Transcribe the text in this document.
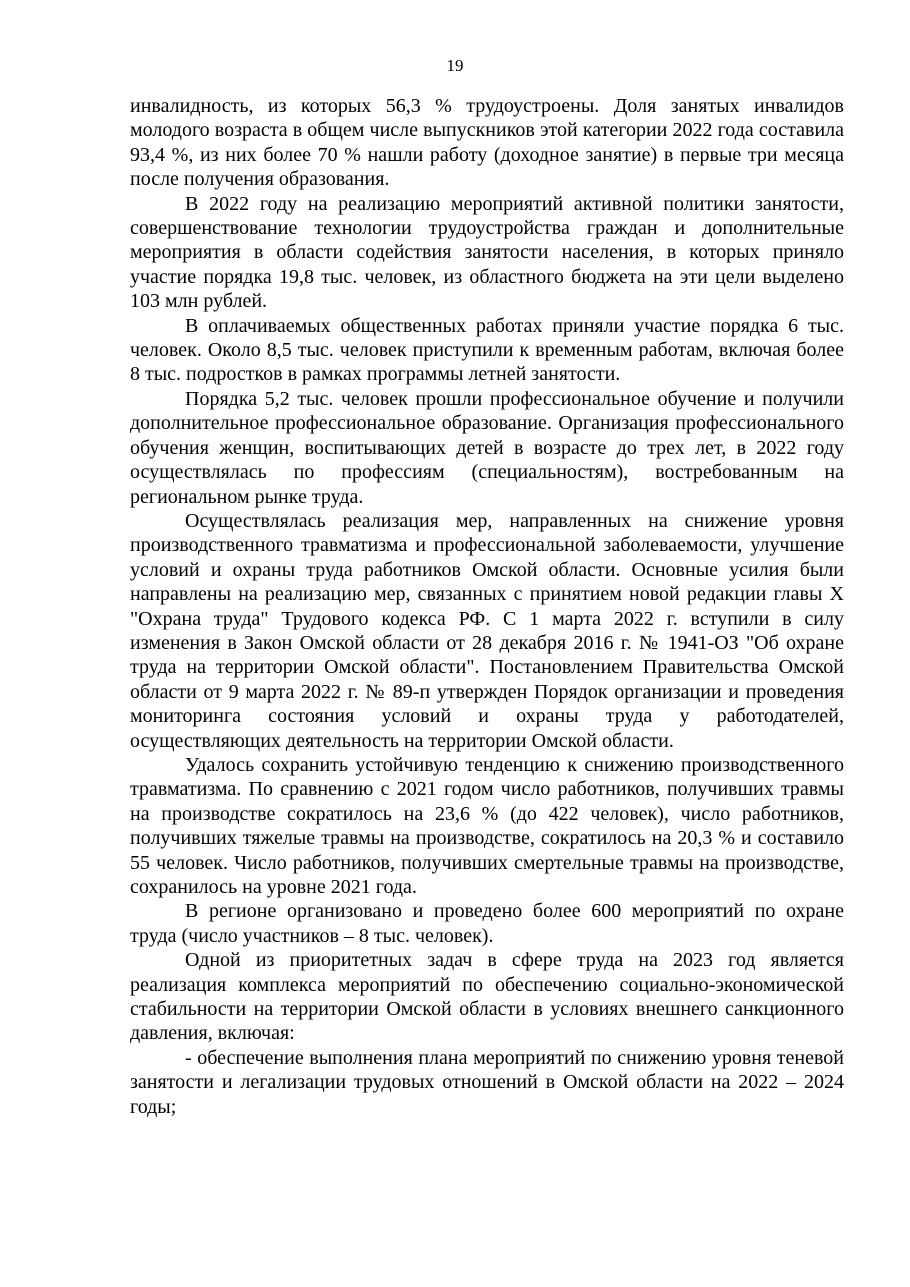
19

инвалидность, из которых 56,3 % трудоустроены. Доля занятых инвалидов молодого возраста в общем числе выпускников этой категории 2022 года составила 93,4 %, из них более 70 % нашли работу (доходное занятие) в первые три месяца после получения образования.

В 2022 году на реализацию мероприятий активной политики занятости, совершенствование технологии трудоустройства граждан и дополнительные мероприятия в области содействия занятости населения, в которых приняло участие порядка 19,8 тыс. человек, из областного бюджета на эти цели выделено 103 млн рублей.

В оплачиваемых общественных работах приняли участие порядка 6 тыс. человек. Около 8,5 тыс. человек приступили к временным работам, включая более 8 тыс. подростков в рамках программы летней занятости.

Порядка 5,2 тыс. человек прошли профессиональное обучение и получили дополнительное профессиональное образование. Организация профессионального обучения женщин, воспитывающих детей в возрасте до трех лет, в 2022 году осуществлялась по профессиям (специальностям), востребованным на региональном рынке труда.

Осуществлялась реализация мер, направленных на снижение уровня производственного травматизма и профессиональной заболеваемости, улучшение условий и охраны труда работников Омской области. Основные усилия были направлены на реализацию мер, связанных с принятием новой редакции главы X "Охрана труда" Трудового кодекса РФ. С 1 марта 2022 г. вступили в силу изменения в Закон Омской области от 28 декабря 2016 г. № 1941-ОЗ "Об охране труда на территории Омской области". Постановлением Правительства Омской области от 9 марта 2022 г. № 89-п утвержден Порядок организации и проведения мониторинга состояния условий и охраны труда у работодателей, осуществляющих деятельность на территории Омской области.

Удалось сохранить устойчивую тенденцию к снижению производственного травматизма. По сравнению с 2021 годом число работников, получивших травмы на производстве сократилось на 23,6 % (до 422 человек), число работников, получивших тяжелые травмы на производстве, сократилось на 20,3 % и составило 55 человек. Число работников, получивших смертельные травмы на производстве, сохранилось на уровне 2021 года.

В регионе организовано и проведено более 600 мероприятий по охране труда (число участников – 8 тыс. человек).

Одной из приоритетных задач в сфере труда на 2023 год является реализация комплекса мероприятий по обеспечению социально-экономической стабильности на территории Омской области в условиях внешнего санкционного давления, включая:

- обеспечение выполнения плана мероприятий по снижению уровня теневой занятости и легализации трудовых отношений в Омской области на 2022 – 2024 годы;
